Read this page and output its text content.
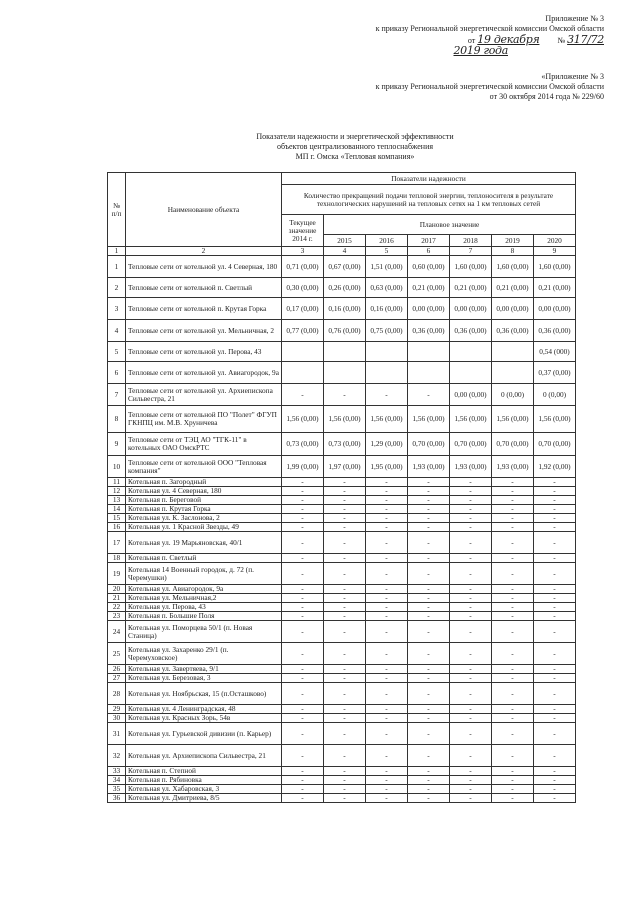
Приложение № 3
к приказу Региональной энергетической комиссии Омской области
от 19 декабря № 317/72
2019 года
«Приложение № 3
к приказу Региональной энергетической комиссии Омской области
от 30 октября 2014 года № 229/60
Показатели надежности и энергетической эффективности
объектов централизованного теплоснабжения
МП г. Омска «Тепловая компания»
№ п/п	Наименование объекта	Показатели надежности						
		Количество прекращений подачи тепловой энергии, теплоносителя в результате технологических нарушений на тепловых сетях на 1 км тепловых сетей						
		Текущее значение 2014 г.	Плановое значение					
			2015	2016	2017	2018	2019	2020
1	2	3	4	5	6	7	8	9
1	Тепловые сети от котельной ул. 4 Северная, 180	0,71 (0,00)	0,67 (0,00)	1,51 (0,00)	0,60 (0,00)	1,60 (0,00)	1,60 (0,00)	1,60 (0,00)
2	Тепловые сети от котельной п. Светлый	0,30 (0,00)	0,26 (0,00)	0,63 (0,00)	0,21 (0,00)	0,21 (0,00)	0,21 (0,00)	0,21 (0,00)
3	Тепловые сети от котельной п. Крутая Горка	0,17 (0,00)	0,16 (0,00)	0,16 (0,00)	0,00 (0,00)	0,00 (0,00)	0,00 (0,00)	0,00 (0,00)
4	Тепловые сети от котельной ул. Мельничная, 2	0,77 (0,00)	0,76 (0,00)	0,75 (0,00)	0,36 (0,00)	0,36 (0,00)	0,36 (0,00)	0,36 (0,00)
5	Тепловые сети от котельной ул. Перова, 43							0,54 (000)
6	Тепловые сети от котельной ул. Авиагородок, 9а							0,37 (0,00)
7	Тепловые сети от котельной ул. Архиепископа Сильвестра, 21	-	-	-	-	0,00 (0,00)	0 (0,00)	0 (0,00)
8	Тепловые сети от котельной ПО "Полет" ФГУП ГКНПЦ им. М.В. Хруничева	1,56 (0,00)	1,56 (0,00)	1,56 (0,00)	1,56 (0,00)	1,56 (0,00)	1,56 (0,00)	1,56 (0,00)
9	Тепловые сети от ТЭЦ АО "ТГК-11" в котельных ОАО ОмскРТС	0,73 (0,00)	0,73 (0,00)	1,29 (0,00)	0,70 (0,00)	0,70 (0,00)	0,70 (0,00)	0,70 (0,00)
10	Тепловые сети от котельной ООО "Тепловая компания"	1,99 (0,00)	1,97 (0,00)	1,95 (0,00)	1,93 (0,00)	1,93 (0,00)	1,93 (0,00)	1,92 (0,00)
11	Котельная п. Загородный	-	-	-	-	-	-	-
12	Котельная ул. 4 Северная, 180	-	-	-	-	-	-	-
13	Котельная п. Береговой	-	-	-	-	-	-	-
14	Котельная п. Крутая Горка	-	-	-	-	-	-	-
15	Котельная ул. К. Заслонова, 2	-	-	-	-	-	-	-
16	Котельная ул. 1 Красной Звезды, 49	-	-	-	-	-	-	-
17	Котельная ул. 19 Марьяновская, 40/1	-	-	-	-	-	-	-
18	Котельная п. Светлый	-	-	-	-	-	-	-
19	Котельная 14 Военный городок, д. 72 (п. Черемушки)	-	-	-	-	-	-	-
20	Котельная ул. Авиагородок, 9а	-	-	-	-	-	-	-
21	Котельная ул. Мельничная,2	-	-	-	-	-	-	-
22	Котельная ул. Перова, 43	-	-	-	-	-	-	-
23	Котельная п. Большие Поля	-	-	-	-	-	-	-
24	Котельная ул. Поморцева 50/1 (п. Новая Станица)	-	-	-	-	-	-	-
25	Котельная ул. Захаренко 29/1 (п. Черемуховское)	-	-	-	-	-	-	-
26	Котельная ул. Завертяева, 9/1	-	-	-	-	-	-	-
27	Котельная ул. Березовая, 3	-	-	-	-	-	-	-
28	Котельная ул. Ноябрьская, 15 (п.Осташково)	-	-	-	-	-	-	-
29	Котельная ул. 4 Ленинградская, 48	-	-	-	-	-	-	-
30	Котельная ул. Красных Зорь, 54в	-	-	-	-	-	-	-
31	Котельная ул. Гурьевской дивизии (п. Карьер)	-	-	-	-	-	-	-
32	Котельная ул. Архиепископа Сильвестра, 21	-	-	-	-	-	-	-
33	Котельная п. Степной	-	-	-	-	-	-	-
34	Котельная п. Рябиновка	-	-	-	-	-	-	-
35	Котельная ул. Хабаровская, 3	-	-	-	-	-	-	-
36	Котельная ул. Дмитриева, 8/5	-	-	-	-	-	-	-
